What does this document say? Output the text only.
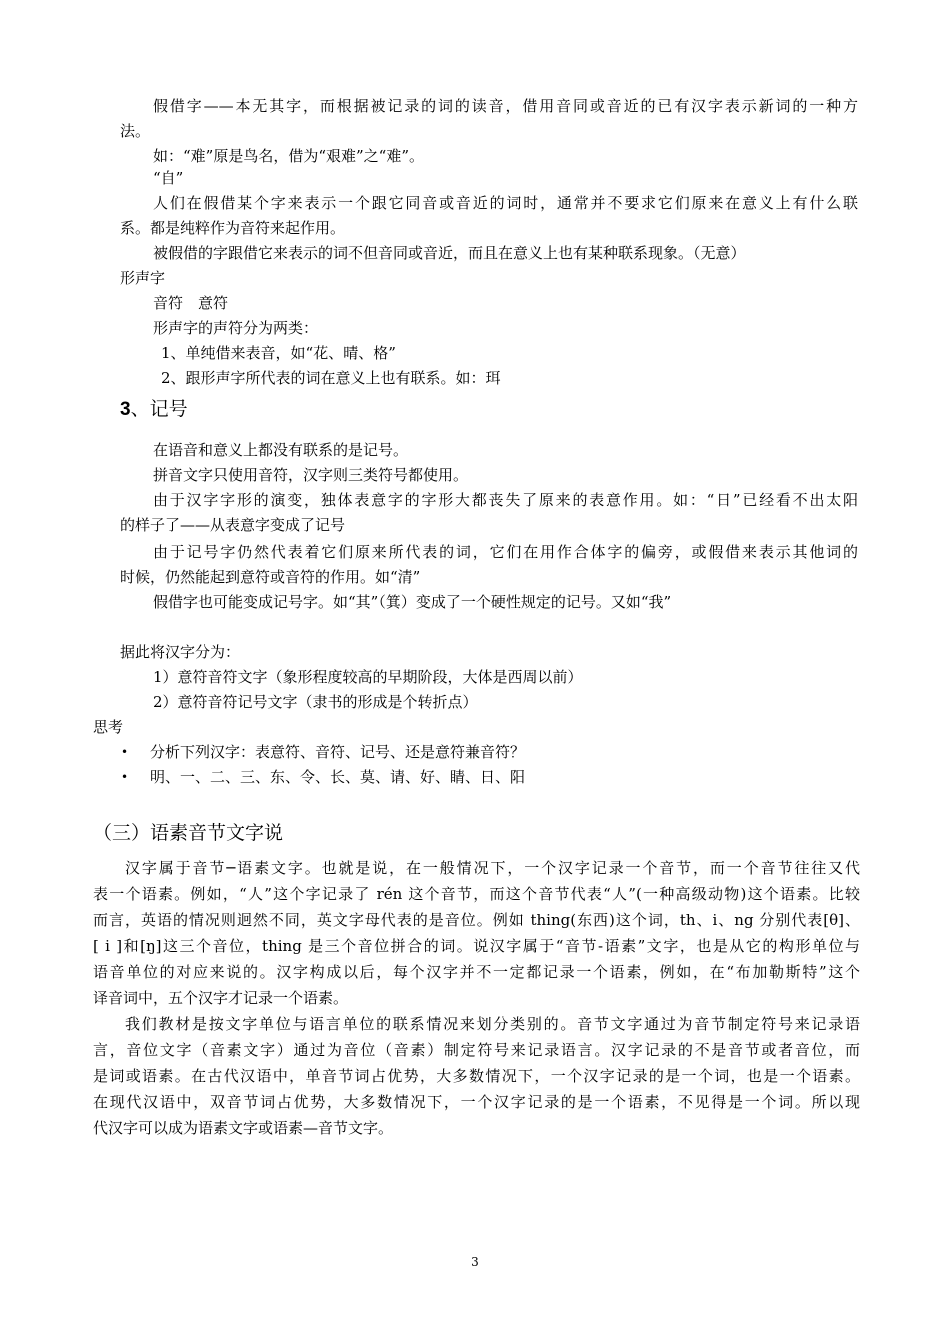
假借字——本无其字，而根据被记录的词的读音，借用音同或音近的已有汉字表示新词的一种方
法。
如：“难”原是鸟名，借为“艰难”之“难”。
“自”
人们在假借某个字来表示一个跟它同音或音近的词时，通常并不要求它们原来在意义上有什么联
系。都是纯粹作为音符来起作用。
被假借的字跟借它来表示的词不但音同或音近，而且在意义上也有某种联系现象。（无意）
形声字
音符　意符
形声字的声符分为两类：
1、单纯借来表音，如“花、晴、格”
2、跟形声字所代表的词在意义上也有联系。如：珥
3、记号
在语音和意义上都没有联系的是记号。
拼音文字只使用音符，汉字则三类符号都使用。
由于汉字字形的演变，独体表意字的字形大都丧失了原来的表意作用。如：“日”已经看不出太阳
的样子了——从表意字变成了记号
由于记号字仍然代表着它们原来所代表的词，它们在用作合体字的偏旁，或假借来表示其他词的
时候，仍然能起到意符或音符的作用。如“清”
假借字也可能变成记号字。如“其”（箕）变成了一个硬性规定的记号。又如“我”
据此将汉字分为：
1）意符音符文字（象形程度较高的早期阶段，大体是西周以前）
2）意符音符记号文字（隶书的形成是个转折点）
思考
• 分析下列汉字：表意符、音符、记号、还是意符兼音符？
• 明、一、二、三、东、令、长、莫、请、好、睛、日、阳
（三）语素音节文字说
汉字属于音节─语素文字。也就是说，在一般情况下，一个汉字记录一个音节，而一个音节往往又代
表一个语素。例如，“人”这个字记录了 rén 这个音节，而这个音节代表“人”(一种高级动物)这个语素。比较
而言，英语的情况则迥然不同，英文字母代表的是音位。例如 thing(东西)这个词，th、i、ng 分别代表[θ]、
[ i ]和[ŋ]这三个音位，thing 是三个音位拼合的词。说汉字属于“音节-语素”文字，也是从它的构形单位与
语音单位的对应来说的。汉字构成以后，每个汉字并不一定都记录一个语素，例如，在“布加勒斯特”这个
译音词中，五个汉字才记录一个语素。
我们教材是按文字单位与语言单位的联系情况来划分类别的。音节文字通过为音节制定符号来记录语
言，音位文字（音素文字）通过为音位（音素）制定符号来记录语言。汉字记录的不是音节或者音位，而
是词或语素。在古代汉语中，单音节词占优势，大多数情况下，一个汉字记录的是一个词，也是一个语素。
在现代汉语中，双音节词占优势，大多数情况下，一个汉字记录的是一个语素，不见得是一个词。所以现
代汉字可以成为语素文字或语素—音节文字。
3
